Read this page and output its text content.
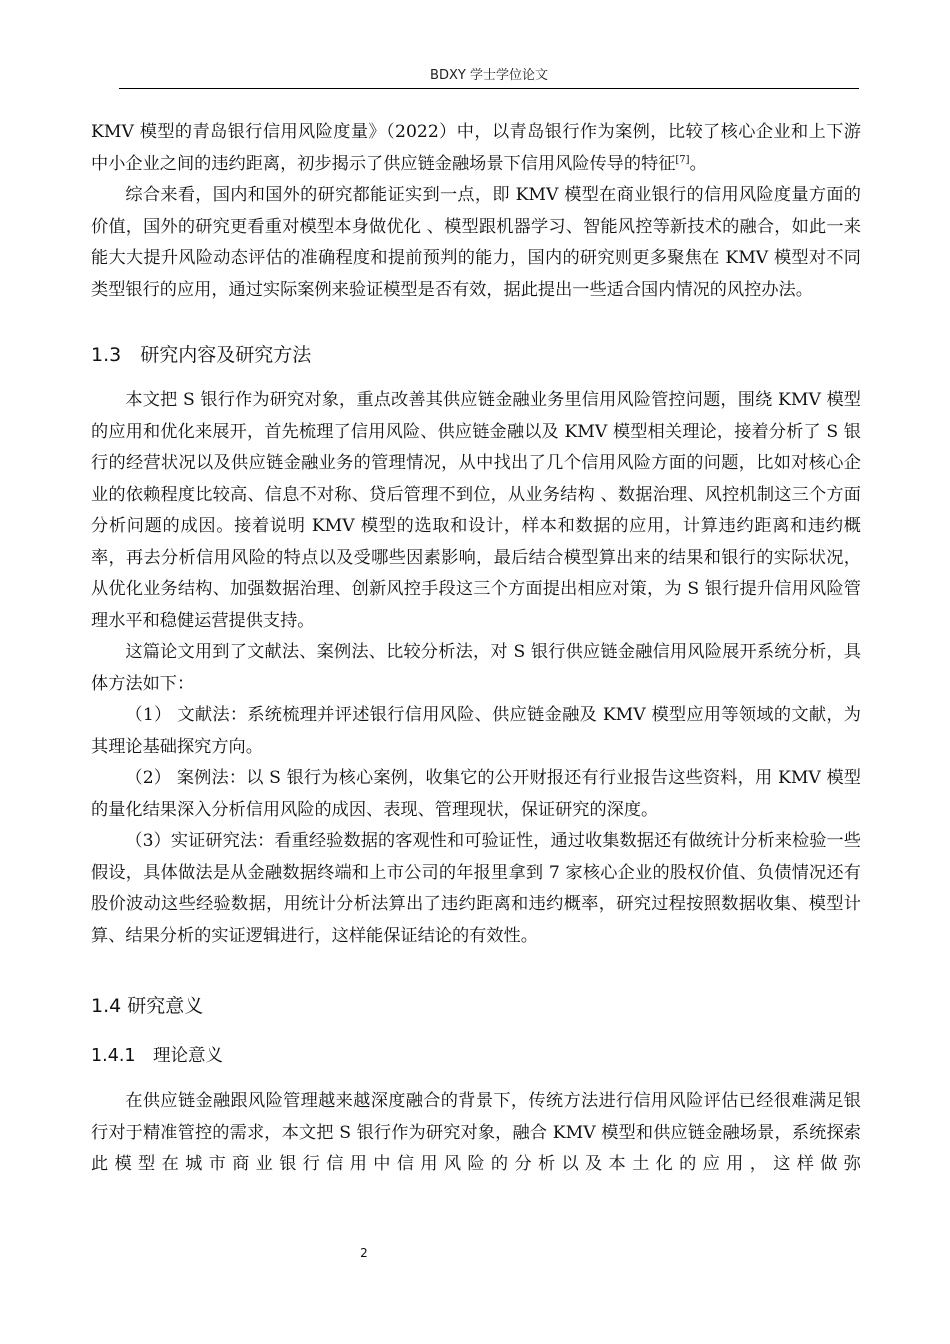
BDXY 学士学位论文

KMV 模型的青岛银行信用风险度量》（2022）中，以青岛银行作为案例，比较了核心企业和上下游中小企业之间的违约距离，初步揭示了供应链金融场景下信用风险传导的特征[7]。

综合来看，国内和国外的研究都能证实到一点，即 KMV 模型在商业银行的信用风险度量方面的价值，国外的研究更看重对模型本身做优化 、模型跟机器学习、智能风控等新技术的融合，如此一来能大大提升风险动态评估的准确程度和提前预判的能力，国内的研究则更多聚焦在 KMV 模型对不同类型银行的应用，通过实际案例来验证模型是否有效，据此提出一些适合国内情况的风控办法。

1.3　研究内容及研究方法

本文把 S 银行作为研究对象，重点改善其供应链金融业务里信用风险管控问题，围绕 KMV 模型的应用和优化来展开，首先梳理了信用风险、供应链金融以及 KMV 模型相关理论，接着分析了 S 银行的经营状况以及供应链金融业务的管理情况，从中找出了几个信用风险方面的问题，比如对核心企业的依赖程度比较高、信息不对称、贷后管理不到位，从业务结构 、数据治理、风控机制这三个方面分析问题的成因。接着说明 KMV 模型的选取和设计，样本和数据的应用，计算违约距离和违约概率，再去分析信用风险的特点以及受哪些因素影响，最后结合模型算出来的结果和银行的实际状况，从优化业务结构、加强数据治理、创新风控手段这三个方面提出相应对策，为 S 银行提升信用风险管理水平和稳健运营提供支持。

这篇论文用到了文献法、案例法、比较分析法，对 S 银行供应链金融信用风险展开系统分析，具体方法如下：

（1） 文献法：系统梳理并评述银行信用风险、供应链金融及 KMV 模型应用等领域的文献，为其理论基础探究方向。

（2） 案例法：以 S 银行为核心案例，收集它的公开财报还有行业报告这些资料，用 KMV 模型的量化结果深入分析信用风险的成因、表现、管理现状，保证研究的深度。

（3）实证研究法：看重经验数据的客观性和可验证性，通过收集数据还有做统计分析来检验一些假设，具体做法是从金融数据终端和上市公司的年报里拿到 7 家核心企业的股权价值、负债情况还有股价波动这些经验数据，用统计分析法算出了违约距离和违约概率，研究过程按照数据收集、模型计算、结果分析的实证逻辑进行，这样能保证结论的有效性。

1.4 研究意义
1.4.1　理论意义

在供应链金融跟风险管理越来越深度融合的背景下，传统方法进行信用风险评估已经很难满足银行对于精准管控的需求，本文把 S 银行作为研究对象，融合 KMV 模型和供应链金融场景，系统探索此模型在城市商业银行信用中信用风险的分析以及本土化的应用，这样做弥

2
